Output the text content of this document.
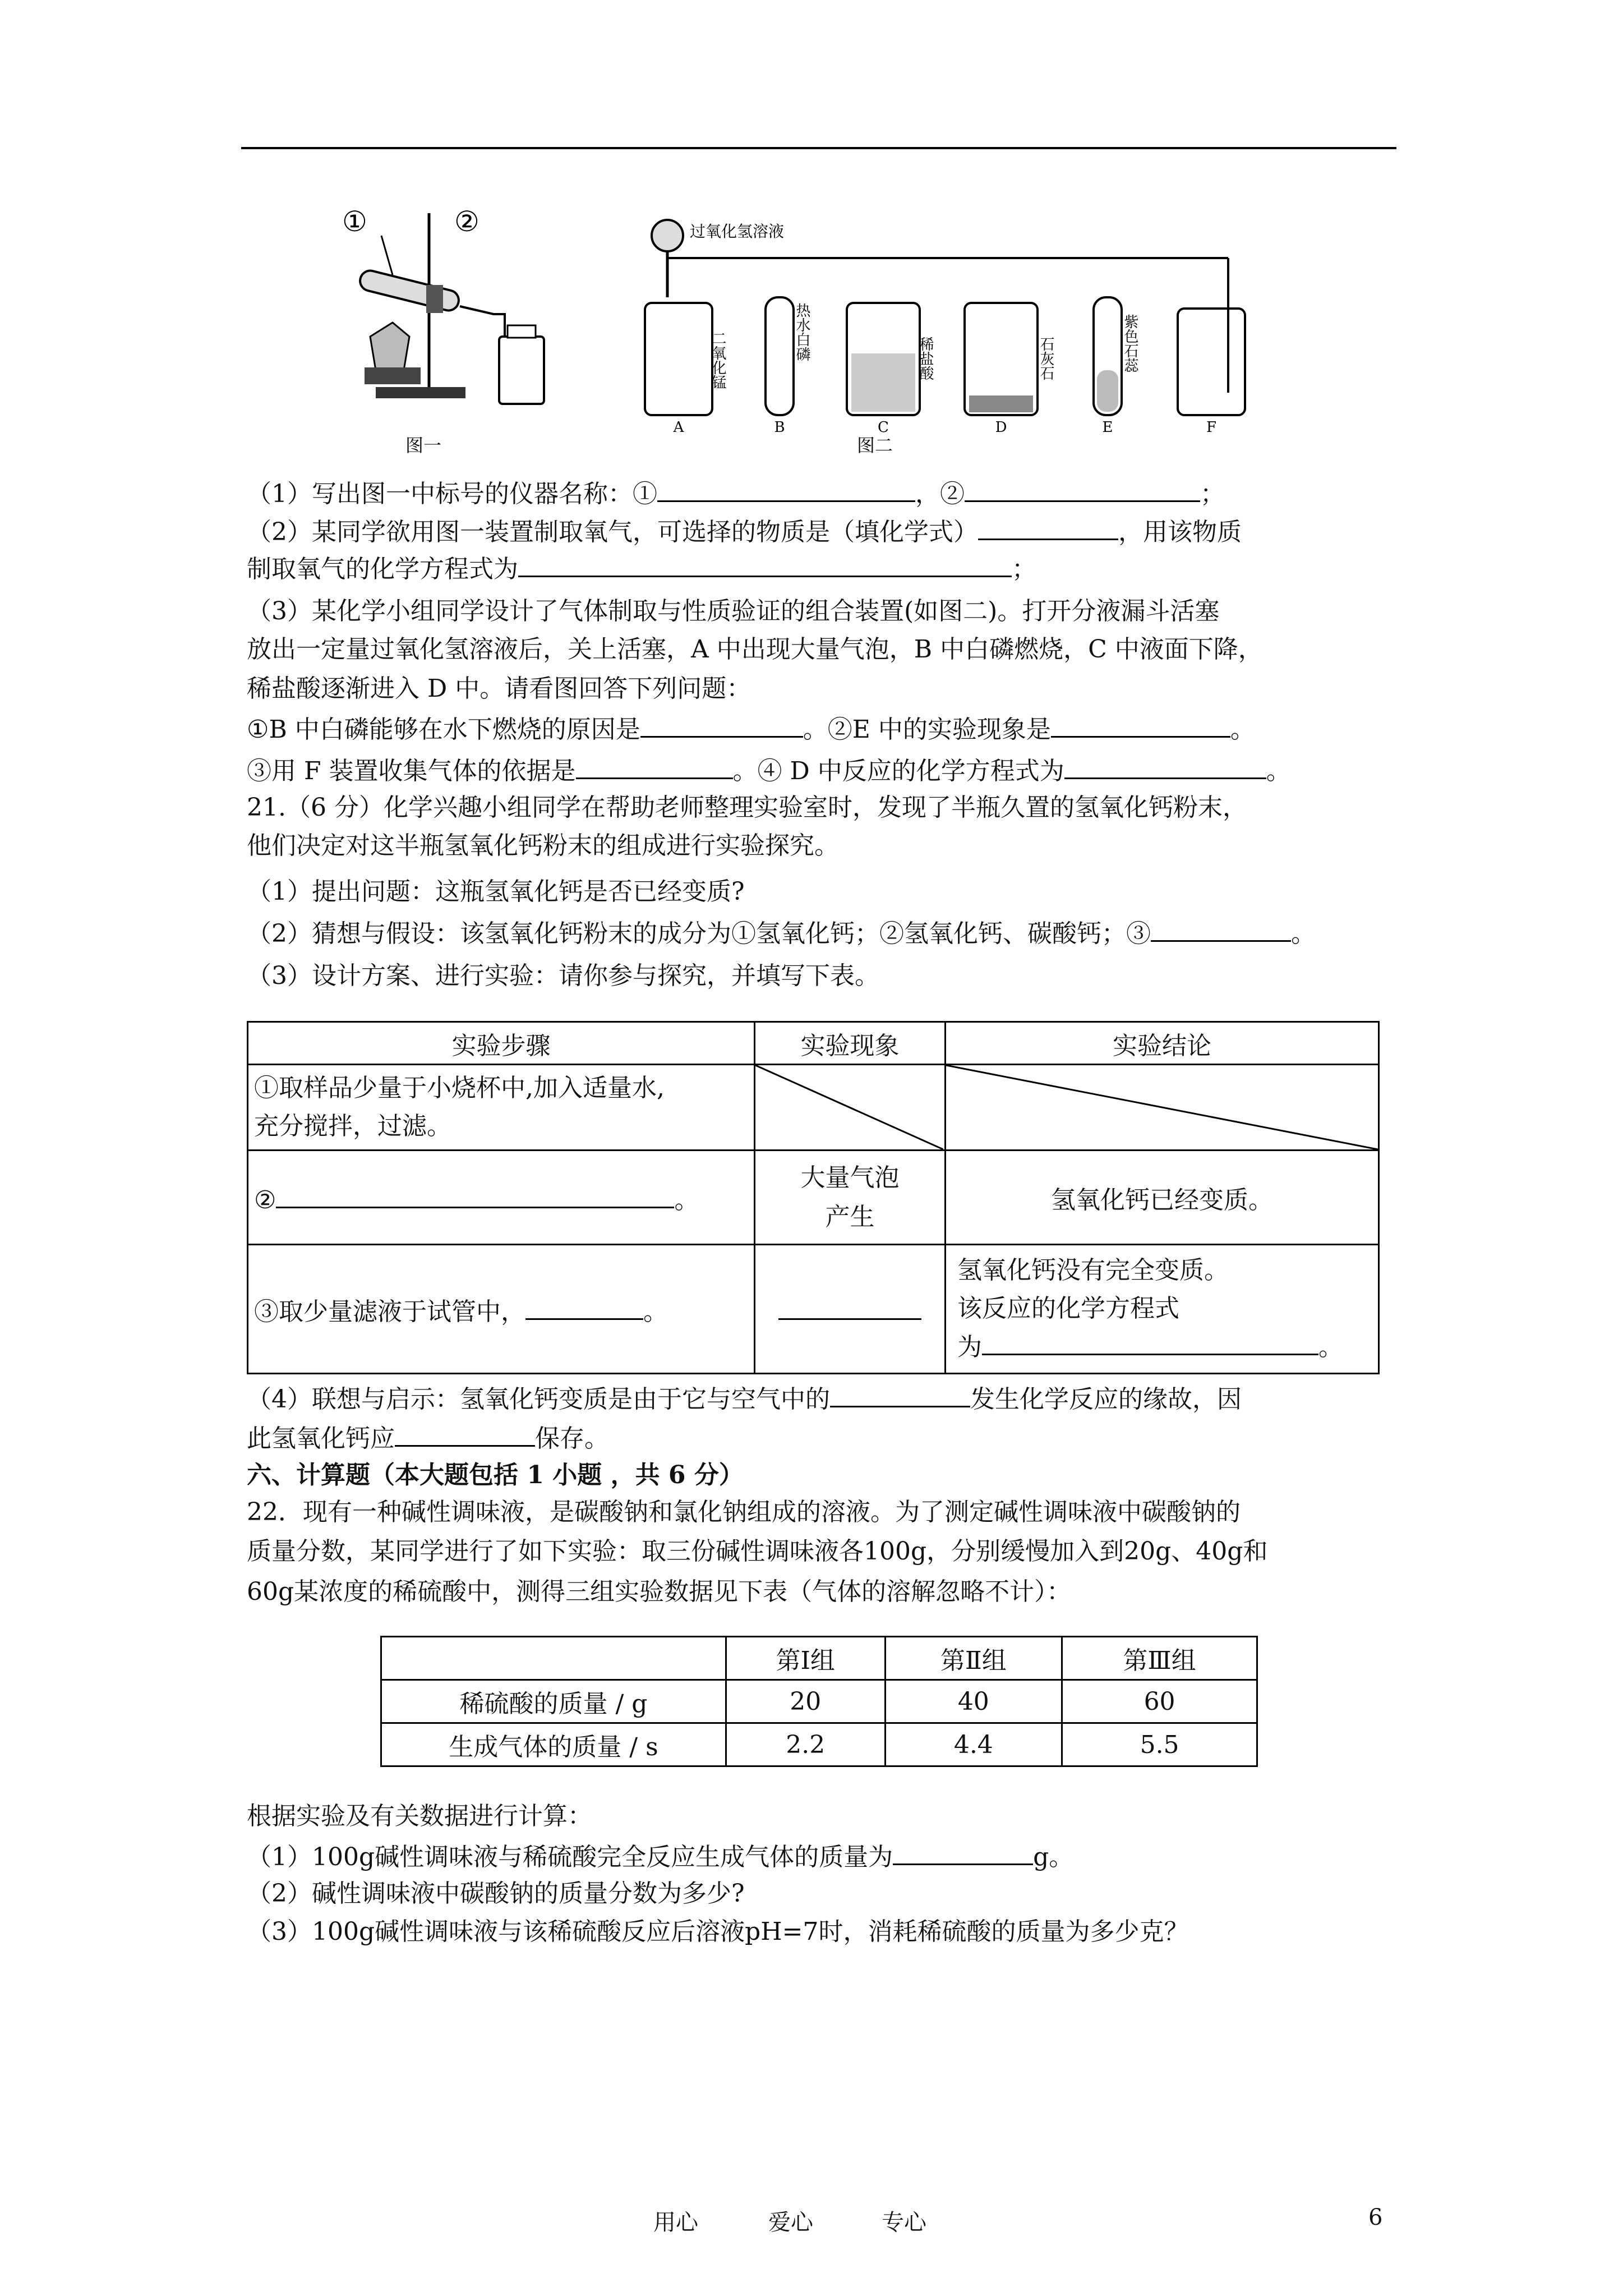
①	②
图一
过氧化氢溶液
二氧化锰	热水白磷	稀盐酸	石灰石	紫色石蕊
A	B	C	D	E	F
图二
（1）写出图一中标号的仪器名称：①	，②	；
（2）某同学欲用图一装置制取氧气，可选择的物质是（填化学式）	，用该物质
制取氧气的化学方程式为	；
（3）某化学小组同学设计了气体制取与性质验证的组合装置(如图二)。打开分液漏斗活塞
放出一定量过氧化氢溶液后，关上活塞，A 中出现大量气泡，B 中白磷燃烧，C 中液面下降，
稀盐酸逐渐进入 D 中。请看图回答下列问题：
①B 中白磷能够在水下燃烧的原因是	。②E 中的实验现象是	。
③用 F 装置收集气体的依据是	。④ D 中反应的化学方程式为	。
21.（6 分）化学兴趣小组同学在帮助老师整理实验室时，发现了半瓶久置的氢氧化钙粉末，
他们决定对这半瓶氢氧化钙粉末的组成进行实验探究。
（1）提出问题：这瓶氢氧化钙是否已经变质?
（2）猜想与假设：该氢氧化钙粉末的成分为①氢氧化钙；②氢氧化钙、碳酸钙；③	。
（3）设计方案、进行实验：请你参与探究，并填写下表。
实验步骤	实验现象	实验结论

①取样品少量于小烧杯中,加入适量水,
充分搅拌，过滤。

② 。	大量气泡
产生	氢氧化钙已经变质。
③取少量滤液于试管中， 。		氢氧化钙没有完全变质。
该反应的化学方程式
为 。
（4）联想与启示：氢氧化钙变质是由于它与空气中的	发生化学反应的缘故，因
此氢氧化钙应	保存。
六、计算题（本大题包括 1 小题 ，共 6 分）
22．现有一种碱性调味液，是碳酸钠和氯化钠组成的溶液。为了测定碱性调味液中碳酸钠的
质量分数，某同学进行了如下实验：取三份碱性调味液各100g，分别缓慢加入到20g、40g和
60g某浓度的稀硫酸中，测得三组实验数据见下表（气体的溶解忽略不计）：
	第Ⅰ组	第Ⅱ组	第Ⅲ组
稀硫酸的质量 / g	20	40	60
生成气体的质量 / s	2.2	4.4	5.5
根据实验及有关数据进行计算：
（1）100g碱性调味液与稀硫酸完全反应生成气体的质量为	g。
（2）碱性调味液中碳酸钠的质量分数为多少?
（3）100g碱性调味液与该稀硫酸反应后溶液pH=7时，消耗稀硫酸的质量为多少克？
用心	爱心	专心	6
